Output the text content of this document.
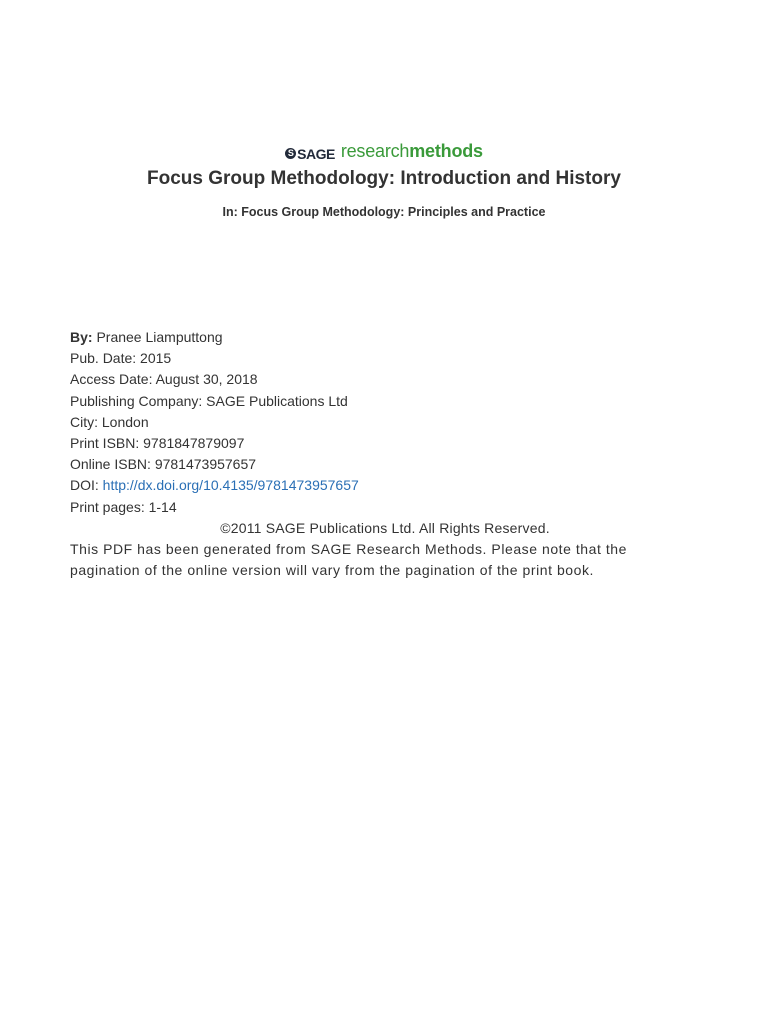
S SAGE researchmethods
Focus Group Methodology: Introduction and History
In: Focus Group Methodology: Principles and Practice
By: Pranee Liamputtong
Pub. Date: 2015
Access Date: August 30, 2018
Publishing Company: SAGE Publications Ltd
City: London
Print ISBN: 9781847879097
Online ISBN: 9781473957657
DOI: http://dx.doi.org/10.4135/9781473957657
Print pages: 1-14
©2011 SAGE Publications Ltd. All Rights Reserved.
This PDF has been generated from SAGE Research Methods. Please note that the
pagination of the online version will vary from the pagination of the print book.
